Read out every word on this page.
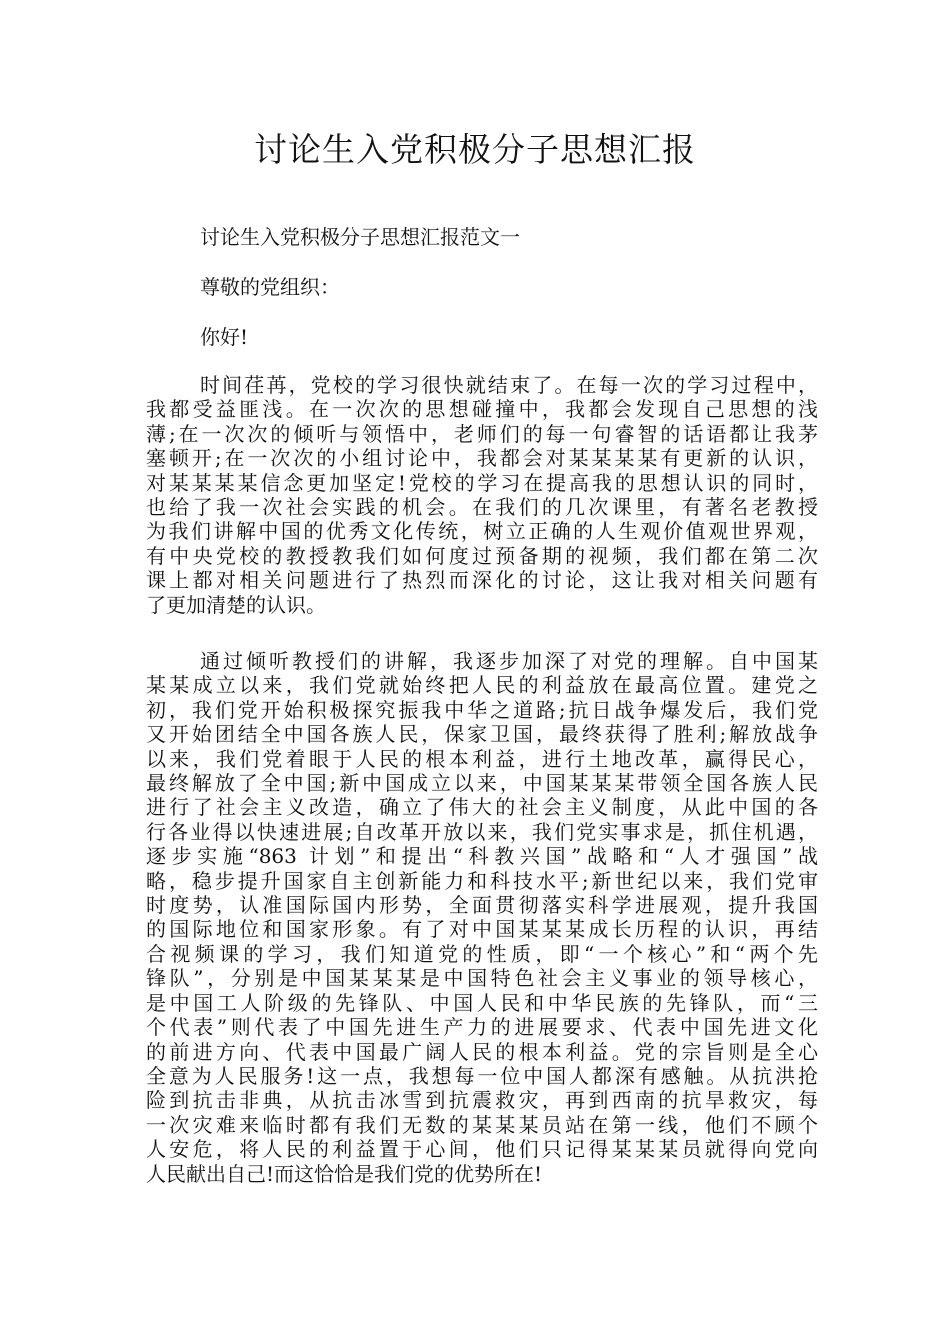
讨论生入党积极分子思想汇报

讨论生入党积极分子思想汇报范文一

尊敬的党组织：

你好!

时间荏苒，党校的学习很快就结束了。在每一次的学习过程中，
我都受益匪浅。在一次次的思想碰撞中，我都会发现自己思想的浅
薄;在一次次的倾听与领悟中，老师们的每一句睿智的话语都让我茅
塞顿开;在一次次的小组讨论中，我都会对某某某某有更新的认识，
对某某某某信念更加坚定!党校的学习在提高我的思想认识的同时，
也给了我一次社会实践的机会。在我们的几次课里，有著名老教授
为我们讲解中国的优秀文化传统，树立正确的人生观价值观世界观，
有中央党校的教授教我们如何度过预备期的视频，我们都在第二次
课上都对相关问题进行了热烈而深化的讨论，这让我对相关问题有
了更加清楚的认识。
通过倾听教授们的讲解，我逐步加深了对党的理解。自中国某
某某成立以来，我们党就始终把人民的利益放在最高位置。建党之
初，我们党开始积极探究振我中华之道路;抗日战争爆发后，我们党
又开始团结全中国各族人民，保家卫国，最终获得了胜利;解放战争
以来，我们党着眼于人民的根本利益，进行土地改革，赢得民心，
最终解放了全中国;新中国成立以来，中国某某某带领全国各族人民
进行了社会主义改造，确立了伟大的社会主义制度，从此中国的各
行各业得以快速进展;自改革开放以来，我们党实事求是，抓住机遇，
逐步实施“863 计划”和提出“科教兴国”战略和“人才强国”战
略，稳步提升国家自主创新能力和科技水平;新世纪以来，我们党审
时度势，认准国际国内形势，全面贯彻落实科学进展观，提升我国
的国际地位和国家形象。有了对中国某某某成长历程的认识，再结
合视频课的学习，我们知道党的性质，即“一个核心”和“两个先
锋队”，分别是中国某某某是中国特色社会主义事业的领导核心，
是中国工人阶级的先锋队、中国人民和中华民族的先锋队，而“三
个代表”则代表了中国先进生产力的进展要求、代表中国先进文化
的前进方向、代表中国最广阔人民的根本利益。党的宗旨则是全心
全意为人民服务!这一点，我想每一位中国人都深有感触。从抗洪抢
险到抗击非典，从抗击冰雪到抗震救灾，再到西南的抗旱救灾，每
一次灾难来临时都有我们无数的某某某员站在第一线，他们不顾个
人安危，将人民的利益置于心间，他们只记得某某某员就得向党向
人民献出自己!而这恰恰是我们党的优势所在!
